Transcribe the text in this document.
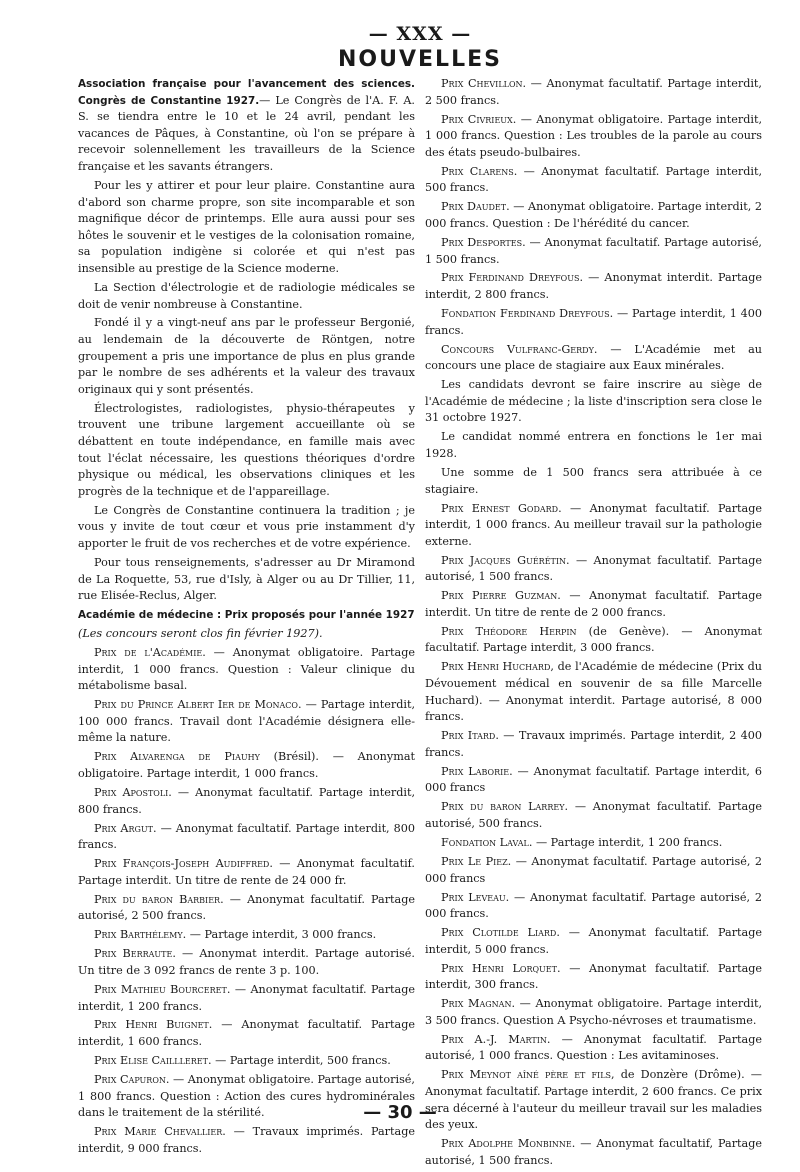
— XXX —
NOUVELLES

Association française pour l'avancement des sciences. Congrès de Constantine 1927.— Le Congrès de l'A. F. A. S. se tiendra entre le 10 et le 24 avril, pendant les vacances de Pâques, à Constantine, où l'on se prépare à recevoir solennellement les travailleurs de la Science française et les savants étrangers.

Pour les y attirer et pour leur plaire. Constantine aura d'abord son charme propre, son site incomparable et son magnifique décor de printemps. Elle aura aussi pour ses hôtes le souvenir et le vestiges de la colonisation romaine, sa population indigène si colorée et qui n'est pas insensible au prestige de la Science moderne.

La Section d'électrologie et de radiologie médicales se doit de venir nombreuse à Constantine.

Fondé il y a vingt-neuf ans par le professeur Bergonié, au lendemain de la découverte de Röntgen, notre groupement a pris une importance de plus en plus grande par le nombre de ses adhérents et la valeur des travaux originaux qui y sont présentés.

Électrologistes, radiologistes, physio-thérapeutes y trouvent une tribune largement accueillante où se débattent en toute indépendance, en famille mais avec tout l'éclat nécessaire, les questions théoriques d'ordre physique ou médical, les observations cliniques et les progrès de la technique et de l'appareillage.

Le Congrès de Constantine continuera la tradition ; je vous y invite de tout cœur et vous prie instamment d'y apporter le fruit de vos recherches et de votre expérience.

Pour tous renseignements, s'adresser au Dr Miramond de La Roquette, 53, rue d'Isly, à Alger ou au Dr Tillier, 11, rue Elisée-Reclus, Alger.

Académie de médecine : Prix proposés pour l'année 1927

(Les concours seront clos fin février 1927).

Prix de l'Académie. — Anonymat obligatoire. Partage interdit, 1 000 francs. Question : Valeur clinique du métabolisme basal.

Prix du Prince Albert Ier de Monaco. — Partage interdit, 100 000 francs. Travail dont l'Académie désignera elle-même la nature.

Prix Alvarenga de Piauhy (Brésil). — Anonymat obligatoire. Partage interdit, 1 000 francs.

Prix Apostoli. — Anonymat facultatif. Partage interdit, 800 francs.

Prix Argut. — Anonymat facultatif. Partage interdit, 800 francs.

Prix François-Joseph Audiffred. — Anonymat facultatif. Partage interdit. Un titre de rente de 24 000 fr.

Prix du baron Barbier. — Anonymat facultatif. Partage autorisé, 2 500 francs.

Prix Barthélemy. — Partage interdit, 3 000 francs.

Prix Berraute. — Anonymat interdit. Partage autorisé. Un titre de 3 092 francs de rente 3 p. 100.

Prix Mathieu Bourceret. — Anonymat facultatif. Partage interdit, 1 200 francs.

Prix Henri Buignet. — Anonymat facultatif. Partage interdit, 1 600 francs.

Prix Elise Caillleret. — Partage interdit, 500 francs.

Prix Capuron. — Anonymat obligatoire. Partage autorisé, 1 800 francs. Question : Action des cures hydrominérales dans le traitement de la stérilité.

Prix Marie Chevallier. — Travaux imprimés. Partage interdit, 9 000 francs.

Prix Chevillon. — Anonymat facultatif. Partage interdit, 2 500 francs.

Prix Civrieux. — Anonymat obligatoire. Partage interdit, 1 000 francs. Question : Les troubles de la parole au cours des états pseudo-bulbaires.

Prix Clarens. — Anonymat facultatif. Partage interdit, 500 francs.

Prix Daudet. — Anonymat obligatoire. Partage interdit, 2 000 francs. Question : De l'hérédité du cancer.

Prix Desportes. — Anonymat facultatif. Partage autorisé, 1 500 francs.

Prix Ferdinand Dreyfous. — Anonymat interdit. Partage interdit, 2 800 francs.

Fondation Ferdinand Dreyfous. — Partage interdit, 1 400 francs.

Concours Vulfranc-Gerdy. — L'Académie met au concours une place de stagiaire aux Eaux minérales.

Les candidats devront se faire inscrire au siège de l'Académie de médecine ; la liste d'inscription sera close le 31 octobre 1927.

Le candidat nommé entrera en fonctions le 1er mai 1928.

Une somme de 1 500 francs sera attribuée à ce stagiaire.

Prix Ernest Godard. — Anonymat facultatif. Partage interdit, 1 000 francs. Au meilleur travail sur la pathologie externe.

Prix Jacques Guérétin. — Anonymat facultatif. Partage autorisé, 1 500 francs.

Prix Pierre Guzman. — Anonymat facultatif. Partage interdit. Un titre de rente de 2 000 francs.

Prix Théodore Herpin (de Genève). — Anonymat facultatif. Partage interdit, 3 000 francs.

Prix Henri Huchard, de l'Académie de médecine (Prix du Dévouement médical en souvenir de sa fille Marcelle Huchard). — Anonymat interdit. Partage autorisé, 8 000 francs.

Prix Itard. — Travaux imprimés. Partage interdit, 2 400 francs.

Prix Laborie. — Anonymat facultatif. Partage interdit, 6 000 francs

Prix du baron Larrey. — Anonymat facultatif. Partage autorisé, 500 francs.

Fondation Laval. — Partage interdit, 1 200 francs.

Prix Le Piez. — Anonymat facultatif. Partage autorisé, 2 000 francs

Prix Leveau. — Anonymat facultatif. Partage autorisé, 2 000 francs.

Prix Clotilde Liard. — Anonymat facultatif. Partage interdit, 5 000 francs.

Prix Henri Lorquet. — Anonymat facultatif. Partage interdit, 300 francs.

Prix Magnan. — Anonymat obligatoire. Partage interdit, 3 500 francs. Question A Psycho-névroses et traumatisme.

Prix A.-J. Martin. — Anonymat facultatif. Partage autorisé, 1 000 francs. Question : Les avitaminoses.

Prix Meynot aîné père et fils, de Donzère (Drôme). — Anonymat facultatif. Partage interdit, 2 600 francs. Ce prix sera décerné à l'auteur du meilleur travail sur les maladies des yeux.

Prix Adolphe Monbinne. — Anonymat facultatif, Partage autorisé, 1 500 francs.

— 30 —
